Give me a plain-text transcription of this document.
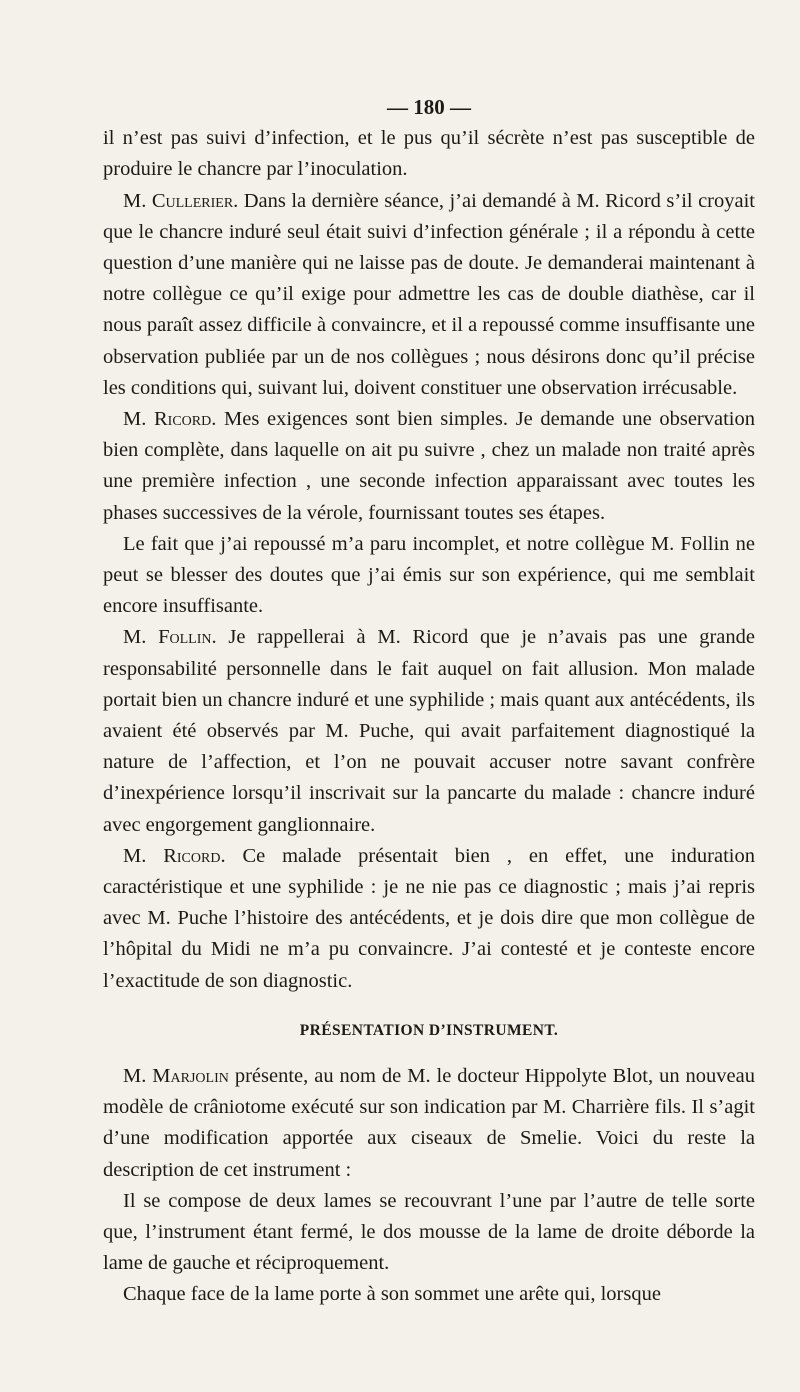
— 180 —

il n’est pas suivi d’infection, et le pus qu’il sécrète n’est pas susceptible de produire le chancre par l’inoculation.

M. Cullerier. Dans la dernière séance, j’ai demandé à M. Ricord s’il croyait que le chancre induré seul était suivi d’infection générale ; il a répondu à cette question d’une manière qui ne laisse pas de doute. Je demanderai maintenant à notre collègue ce qu’il exige pour admettre les cas de double diathèse, car il nous paraît assez difficile à convaincre, et il a repoussé comme insuffisante une observation publiée par un de nos collègues ; nous désirons donc qu’il précise les conditions qui, suivant lui, doivent constituer une observation irrécusable.

M. Ricord. Mes exigences sont bien simples. Je demande une observation bien complète, dans laquelle on ait pu suivre , chez un malade non traité après une première infection , une seconde infection apparaissant avec toutes les phases successives de la vérole, fournissant toutes ses étapes.

Le fait que j’ai repoussé m’a paru incomplet, et notre collègue M. Follin ne peut se blesser des doutes que j’ai émis sur son expérience, qui me semblait encore insuffisante.

M. Follin. Je rappellerai à M. Ricord que je n’avais pas une grande responsabilité personnelle dans le fait auquel on fait allusion. Mon malade portait bien un chancre induré et une syphilide ; mais quant aux antécédents, ils avaient été observés par M. Puche, qui avait parfaitement diagnostiqué la nature de l’affection, et l’on ne pouvait accuser notre savant confrère d’inexpérience lorsqu’il inscrivait sur la pancarte du malade : chancre induré avec engorgement ganglionnaire.

M. Ricord. Ce malade présentait bien , en effet, une induration caractéristique et une syphilide : je ne nie pas ce diagnostic ; mais j’ai repris avec M. Puche l’histoire des antécédents, et je dois dire que mon collègue de l’hôpital du Midi ne m’a pu convaincre. J’ai contesté et je conteste encore l’exactitude de son diagnostic.

PRÉSENTATION D’INSTRUMENT.

M. Marjolin présente, au nom de M. le docteur Hippolyte Blot, un nouveau modèle de crâniotome exécuté sur son indication par M. Charrière fils. Il s’agit d’une modification apportée aux ciseaux de Smelie. Voici du reste la description de cet instrument :

Il se compose de deux lames se recouvrant l’une par l’autre de telle sorte que, l’instrument étant fermé, le dos mousse de la lame de droite déborde la lame de gauche et réciproquement.

Chaque face de la lame porte à son sommet une arête qui, lorsque
